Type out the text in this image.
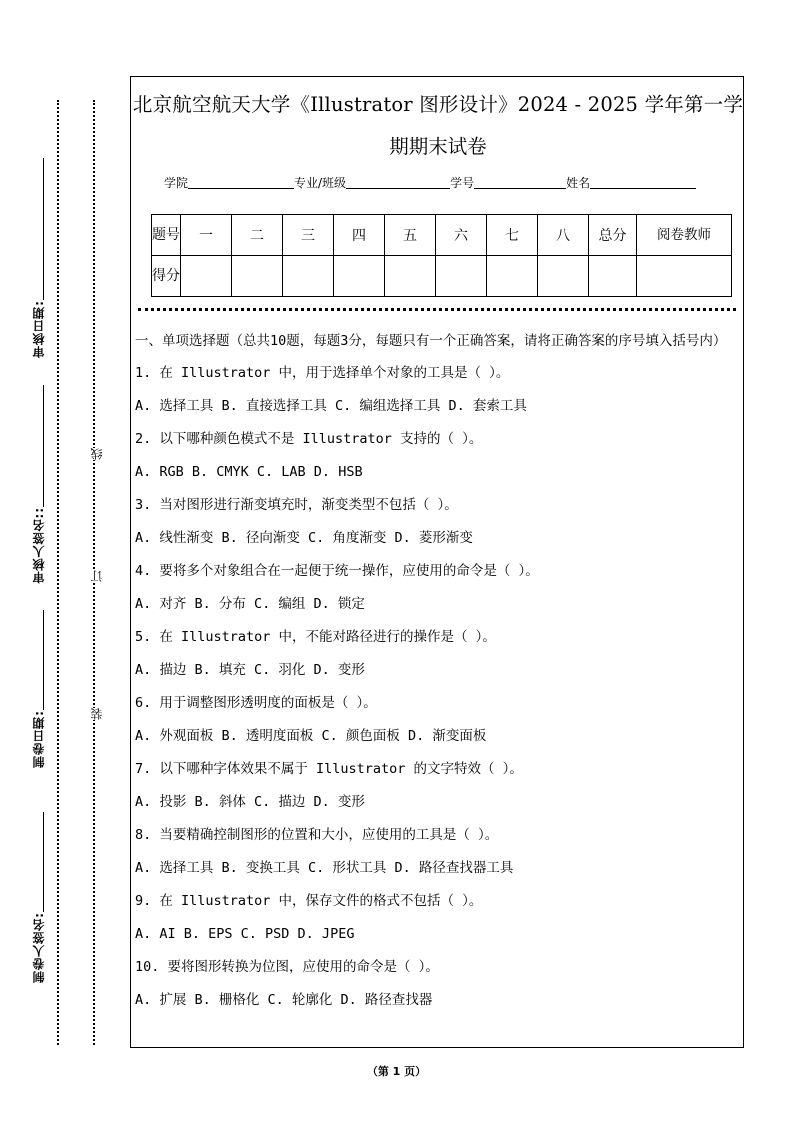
审核日期:
审核人签名::
制卷日期:
制卷人签名:
线
订
装
北京航空航天大学《Illustrator 图形设计》2024 - 2025 学年第一学
期期末试卷
学院	专业/班级	学号	姓名
题号	一	二	三	四	五	六	七	八	总分	阅卷教师
得分										
一、单项选择题（总共10题，每题3分，每题只有一个正确答案，请将正确答案的序号填入括号内）
1. 在 Illustrator 中，用于选择单个对象的工具是（ ）。
A. 选择工具 B. 直接选择工具 C. 编组选择工具 D. 套索工具
2. 以下哪种颜色模式不是 Illustrator 支持的（ ）。
A. RGB B. CMYK C. LAB D. HSB
3. 当对图形进行渐变填充时，渐变类型不包括（ ）。
A. 线性渐变 B. 径向渐变 C. 角度渐变 D. 菱形渐变
4. 要将多个对象组合在一起便于统一操作，应使用的命令是（ ）。
A. 对齐 B. 分布 C. 编组 D. 锁定
5. 在 Illustrator 中，不能对路径进行的操作是（ ）。
A. 描边 B. 填充 C. 羽化 D. 变形
6. 用于调整图形透明度的面板是（ ）。
A. 外观面板 B. 透明度面板 C. 颜色面板 D. 渐变面板
7. 以下哪种字体效果不属于 Illustrator 的文字特效（ ）。
A. 投影 B. 斜体 C. 描边 D. 变形
8. 当要精确控制图形的位置和大小，应使用的工具是（ ）。
A. 选择工具 B. 变换工具 C. 形状工具 D. 路径查找器工具
9. 在 Illustrator 中，保存文件的格式不包括（ ）。
A. AI B. EPS C. PSD D. JPEG
10. 要将图形转换为位图，应使用的命令是（ ）。
A. 扩展 B. 栅格化 C. 轮廓化 D. 路径查找器
（第 1 页）
